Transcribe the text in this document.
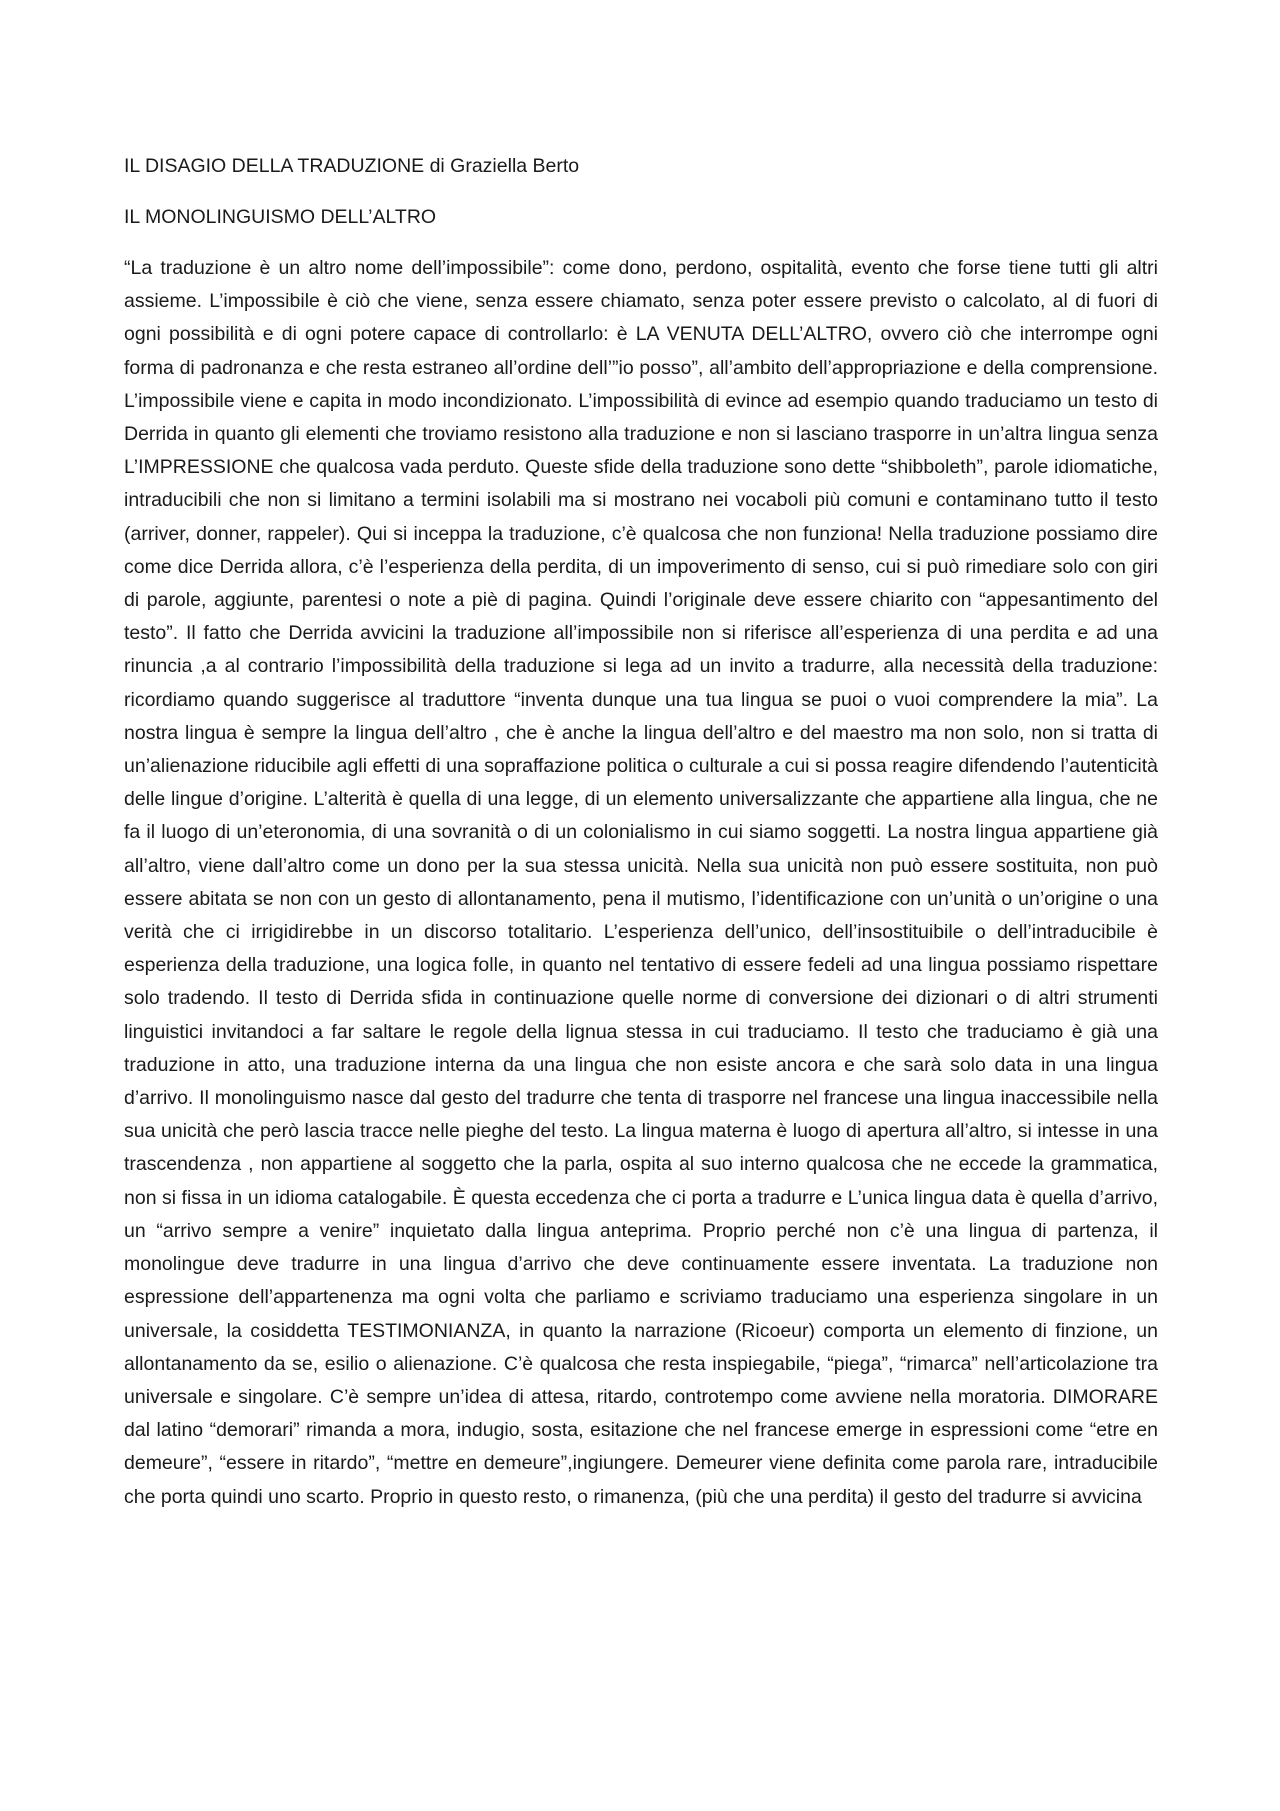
IL DISAGIO DELLA TRADUZIONE di Graziella Berto
IL MONOLINGUISMO DELL’ALTRO

“La traduzione è un altro nome dell’impossibile”: come dono, perdono, ospitalità, evento che forse tiene tutti gli altri assieme. L’impossibile è ciò che viene, senza essere chiamato, senza poter essere previsto o calcolato, al di fuori di ogni possibilità e di ogni potere capace di controllarlo: è LA VENUTA DELL’ALTRO, ovvero ciò che interrompe ogni forma di padronanza e che resta estraneo all’ordine dell’”io posso”, all’ambito dell’appropriazione e della comprensione. L’impossibile viene e capita in modo incondizionato. L’impossibilità di evince ad esempio quando traduciamo un testo di Derrida in quanto gli elementi che troviamo resistono alla traduzione e non si lasciano trasporre in un’altra lingua senza L’IMPRESSIONE che qualcosa vada perduto. Queste sfide della traduzione sono dette “shibboleth”, parole idiomatiche, intraducibili che non si limitano a termini isolabili ma si mostrano nei vocaboli più comuni e contaminano tutto il testo (arriver, donner, rappeler). Qui si inceppa la traduzione, c’è qualcosa che non funziona! Nella traduzione possiamo dire come dice Derrida allora, c’è l’esperienza della perdita, di un impoverimento di senso, cui si può rimediare solo con giri di parole, aggiunte, parentesi o note a piè di pagina. Quindi l’originale deve essere chiarito con “appesantimento del testo”. Il fatto che Derrida avvicini la traduzione all’impossibile non si riferisce all’esperienza di una perdita e ad una rinuncia ,a al contrario l’impossibilità della traduzione si lega ad un invito a tradurre, alla necessità della traduzione: ricordiamo quando suggerisce al traduttore “inventa dunque una tua lingua se puoi o vuoi comprendere la mia”. La nostra lingua è sempre la lingua dell’altro , che è anche la lingua dell’altro e del maestro ma non solo, non si tratta di un’alienazione riducibile agli effetti di una sopraffazione politica o culturale a cui si possa reagire difendendo l’autenticità delle lingue d’origine. L’alterità è quella di una legge, di un elemento universalizzante che appartiene alla lingua, che ne fa il luogo di un’eteronomia, di una sovranità o di un colonialismo in cui siamo soggetti. La nostra lingua appartiene già all’altro, viene dall’altro come un dono per la sua stessa unicità. Nella sua unicità non può essere sostituita, non può essere abitata se non con un gesto di allontanamento, pena il mutismo, l’identificazione con un’unità o un’origine o una verità che ci irrigidirebbe in un discorso totalitario. L’esperienza dell’unico, dell’insostituibile o dell’intraducibile è esperienza della traduzione, una logica folle, in quanto nel tentativo di essere fedeli ad una lingua possiamo rispettare solo tradendo. Il testo di Derrida sfida in continuazione quelle norme di conversione dei dizionari o di altri strumenti linguistici invitandoci a far saltare le regole della lignua stessa in cui traduciamo. Il testo che traduciamo è già una traduzione in atto, una traduzione interna da una lingua che non esiste ancora e che sarà solo data in una lingua d’arrivo. Il monolinguismo nasce dal gesto del tradurre che tenta di trasporre nel francese una lingua inaccessibile nella sua unicità che però lascia tracce nelle pieghe del testo. La lingua materna è luogo di apertura all’altro, si intesse in una trascendenza , non appartiene al soggetto che la parla, ospita al suo interno qualcosa che ne eccede la grammatica, non si fissa in un idioma catalogabile. È questa eccedenza che ci porta a tradurre e L’unica lingua data è quella d’arrivo, un “arrivo sempre a venire” inquietato dalla lingua anteprima. Proprio perché non c’è una lingua di partenza, il monolingue deve tradurre in una lingua d’arrivo che deve continuamente essere inventata. La traduzione non espressione dell’appartenenza ma ogni volta che parliamo e scriviamo traduciamo una esperienza singolare in un universale, la cosiddetta TESTIMONIANZA, in quanto la narrazione (Ricoeur) comporta un elemento di finzione, un allontanamento da se, esilio o alienazione. C’è qualcosa che resta inspiegabile, “piega”, “rimarca” nell’articolazione tra universale e singolare. C’è sempre un’idea di attesa, ritardo, controtempo come avviene nella moratoria. DIMORARE dal latino “demorari” rimanda a mora, indugio, sosta, esitazione che nel francese emerge in espressioni come “etre en demeure”, “essere in ritardo”, “mettre en demeure”,ingiungere. Demeurer viene definita come parola rare, intraducibile che porta quindi uno scarto. Proprio in questo resto, o rimanenza, (più che una perdita) il gesto del tradurre si avvicina
